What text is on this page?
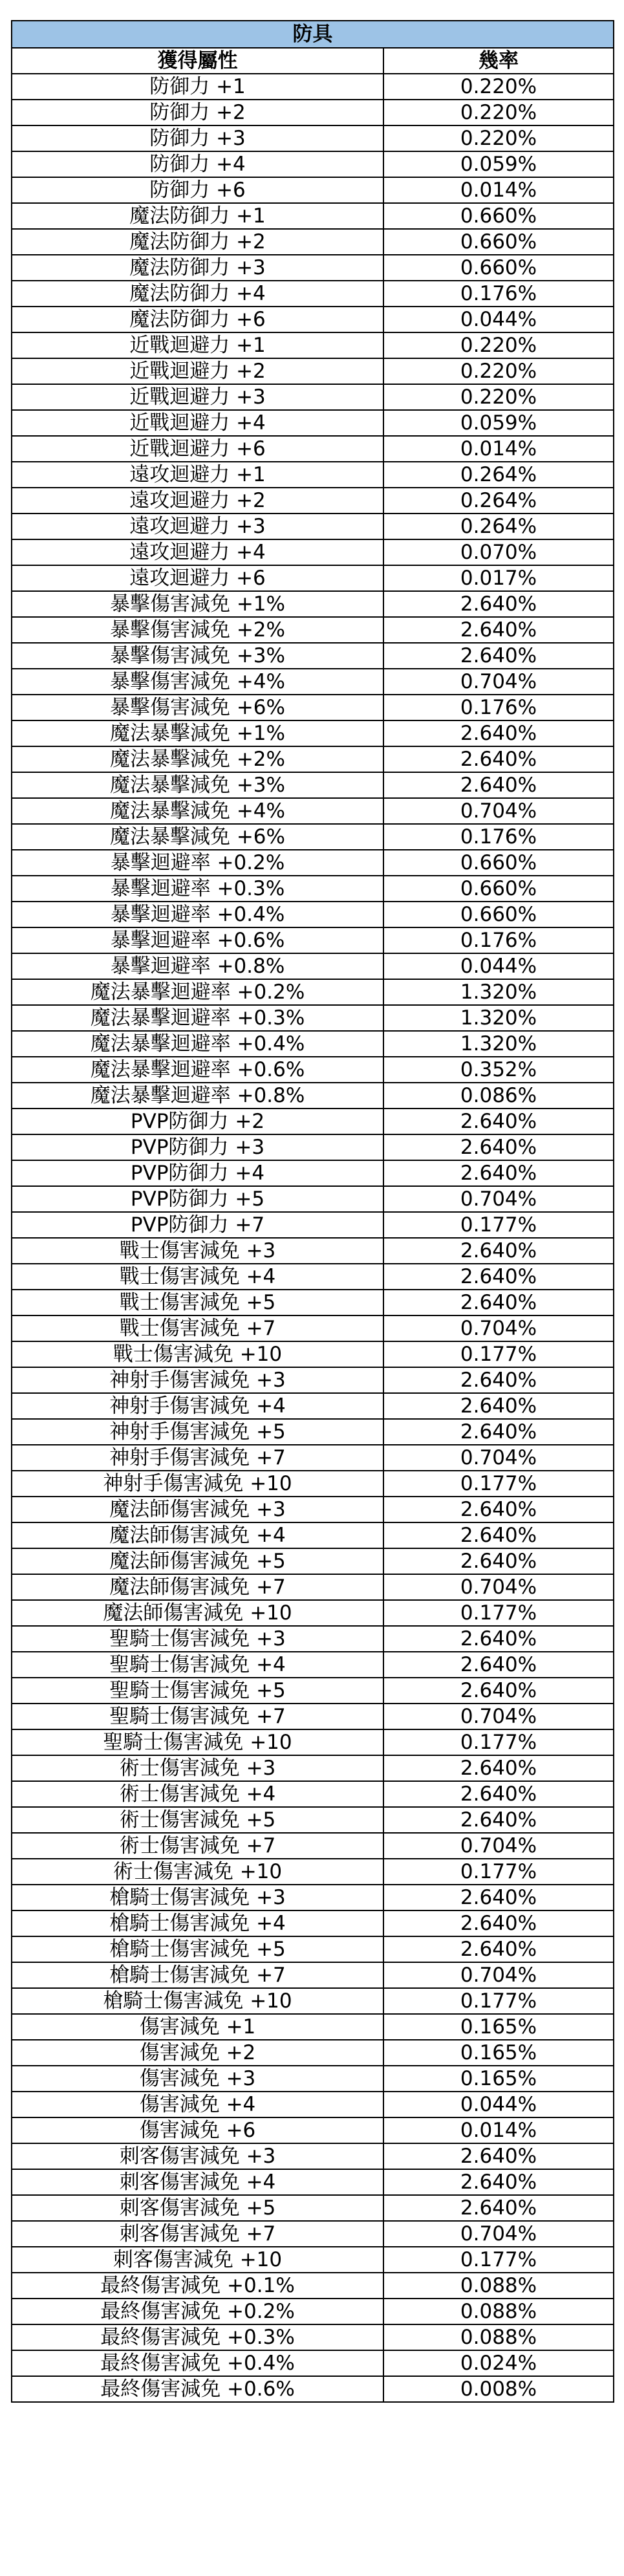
防具	
獲得屬性	幾率
防御力 +1	0.220%
防御力 +2	0.220%
防御力 +3	0.220%
防御力 +4	0.059%
防御力 +6	0.014%
魔法防御力 +1	0.660%
魔法防御力 +2	0.660%
魔法防御力 +3	0.660%
魔法防御力 +4	0.176%
魔法防御力 +6	0.044%
近戰迴避力 +1	0.220%
近戰迴避力 +2	0.220%
近戰迴避力 +3	0.220%
近戰迴避力 +4	0.059%
近戰迴避力 +6	0.014%
遠攻迴避力 +1	0.264%
遠攻迴避力 +2	0.264%
遠攻迴避力 +3	0.264%
遠攻迴避力 +4	0.070%
遠攻迴避力 +6	0.017%
暴擊傷害減免 +1%	2.640%
暴擊傷害減免 +2%	2.640%
暴擊傷害減免 +3%	2.640%
暴擊傷害減免 +4%	0.704%
暴擊傷害減免 +6%	0.176%
魔法暴擊減免 +1%	2.640%
魔法暴擊減免 +2%	2.640%
魔法暴擊減免 +3%	2.640%
魔法暴擊減免 +4%	0.704%
魔法暴擊減免 +6%	0.176%
暴擊迴避率 +0.2%	0.660%
暴擊迴避率 +0.3%	0.660%
暴擊迴避率 +0.4%	0.660%
暴擊迴避率 +0.6%	0.176%
暴擊迴避率 +0.8%	0.044%
魔法暴擊迴避率 +0.2%	1.320%
魔法暴擊迴避率 +0.3%	1.320%
魔法暴擊迴避率 +0.4%	1.320%
魔法暴擊迴避率 +0.6%	0.352%
魔法暴擊迴避率 +0.8%	0.086%
PVP防御力 +2	2.640%
PVP防御力 +3	2.640%
PVP防御力 +4	2.640%
PVP防御力 +5	0.704%
PVP防御力 +7	0.177%
戰士傷害減免 +3	2.640%
戰士傷害減免 +4	2.640%
戰士傷害減免 +5	2.640%
戰士傷害減免 +7	0.704%
戰士傷害減免 +10	0.177%
神射手傷害減免 +3	2.640%
神射手傷害減免 +4	2.640%
神射手傷害減免 +5	2.640%
神射手傷害減免 +7	0.704%
神射手傷害減免 +10	0.177%
魔法師傷害減免 +3	2.640%
魔法師傷害減免 +4	2.640%
魔法師傷害減免 +5	2.640%
魔法師傷害減免 +7	0.704%
魔法師傷害減免 +10	0.177%
聖騎士傷害減免 +3	2.640%
聖騎士傷害減免 +4	2.640%
聖騎士傷害減免 +5	2.640%
聖騎士傷害減免 +7	0.704%
聖騎士傷害減免 +10	0.177%
術士傷害減免 +3	2.640%
術士傷害減免 +4	2.640%
術士傷害減免 +5	2.640%
術士傷害減免 +7	0.704%
術士傷害減免 +10	0.177%
槍騎士傷害減免 +3	2.640%
槍騎士傷害減免 +4	2.640%
槍騎士傷害減免 +5	2.640%
槍騎士傷害減免 +7	0.704%
槍騎士傷害減免 +10	0.177%
傷害減免 +1	0.165%
傷害減免 +2	0.165%
傷害減免 +3	0.165%
傷害減免 +4	0.044%
傷害減免 +6	0.014%
刺客傷害減免 +3	2.640%
刺客傷害減免 +4	2.640%
刺客傷害減免 +5	2.640%
刺客傷害減免 +7	0.704%
刺客傷害減免 +10	0.177%
最終傷害減免 +0.1%	0.088%
最終傷害減免 +0.2%	0.088%
最終傷害減免 +0.3%	0.088%
最終傷害減免 +0.4%	0.024%
最終傷害減免 +0.6%	0.008%
